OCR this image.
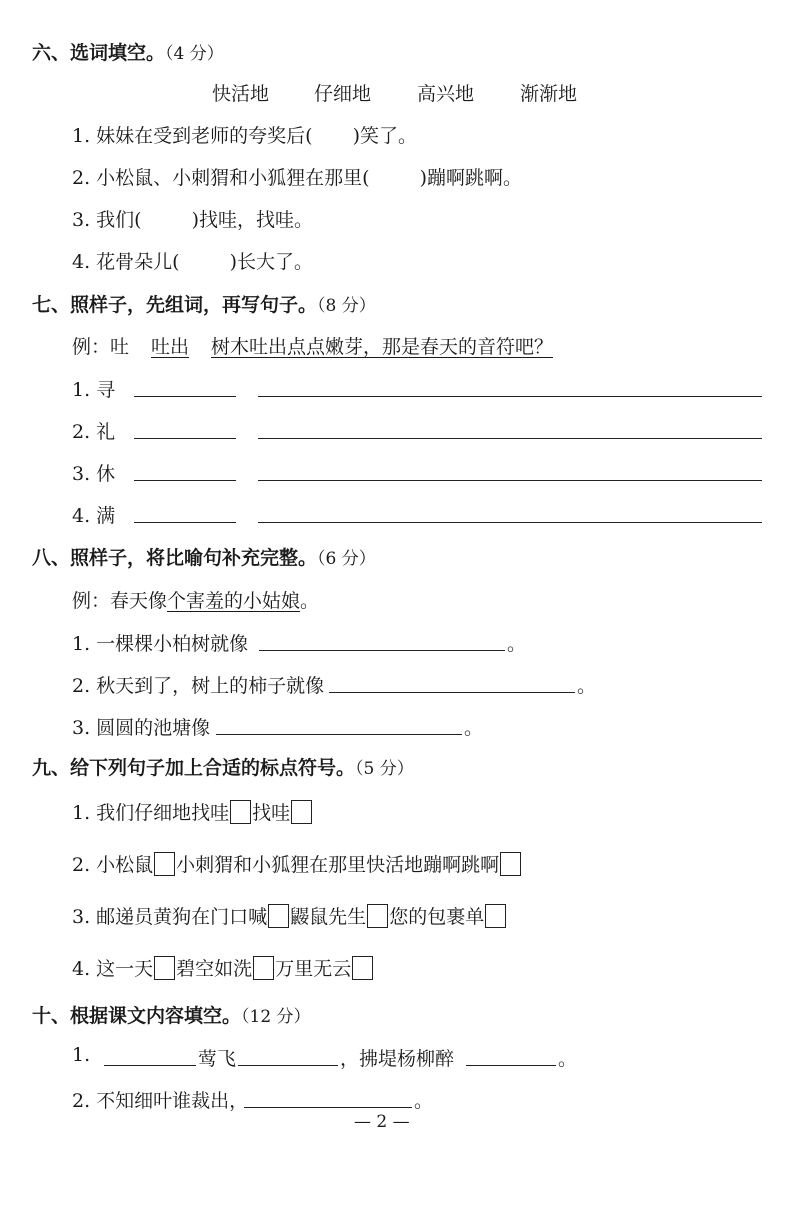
六、选词填空。（4 分）
快活地 仔细地 高兴地 渐渐地
1. 妹妹在受到老师的夸奖后( )笑了。
2. 小松鼠、小刺猬和小狐狸在那里(	)蹦啊跳啊。
3. 我们(	)找哇，找哇。
4. 花骨朵儿(	)长大了。
七、照样子，先组词，再写句子。（8 分）
例：吐 吐出 树木吐出点点嫩芽，那是春天的音符吧？
1. 寻
2. 礼
3. 休
4. 满
八、照样子，将比喻句补充完整。（6 分）
例：春天像个害羞的小姑娘。
1. 一棵棵小柏树就像	。
2. 秋天到了，树上的柿子就像	。
3. 圆圆的池塘像	。
九、给下列句子加上合适的标点符号。（5 分）
1. 我们仔细地找哇 找哇
2. 小松鼠 小刺猬和小狐狸在那里快活地蹦啊跳啊
3. 邮递员黄狗在门口喊 鼹鼠先生 您的包裹单
4. 这一天 碧空如洗 万里无云
十、根据课文内容填空。（12 分）
1.	莺飞	，拂堤杨柳醉	。
2. 不知细叶谁裁出，	。
— 2 —
